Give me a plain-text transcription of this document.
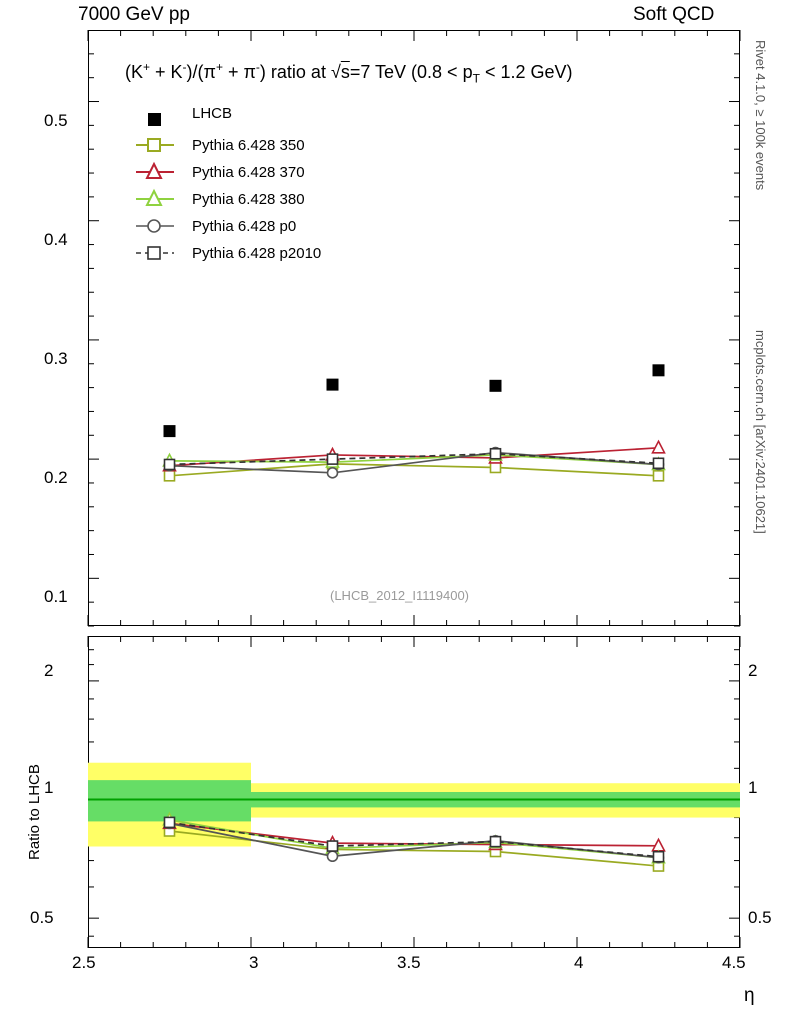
7000 GeV pp	Soft QCD
Rivet 4.1.0, ≥ 100k events
mcplots.cern.ch [arXiv:2401.10621]
(K+ + K-)/(π+ + π-) ratio at √s=7 TeV ($0.8 < p_T < 1.2$ GeV)
0.5
0.4
0.3
0.2
0.1	(LHCB_2012_I1119400)
LHCB
Pythia 6.428 350
Pythia 6.428 370
Pythia 6.428 380
Pythia 6.428 p0
Pythia 6.428 p2010
2
1
0.5
2
1
0.5
Ratio to LHCB
2.5	3	3.5	4	4.5
η
